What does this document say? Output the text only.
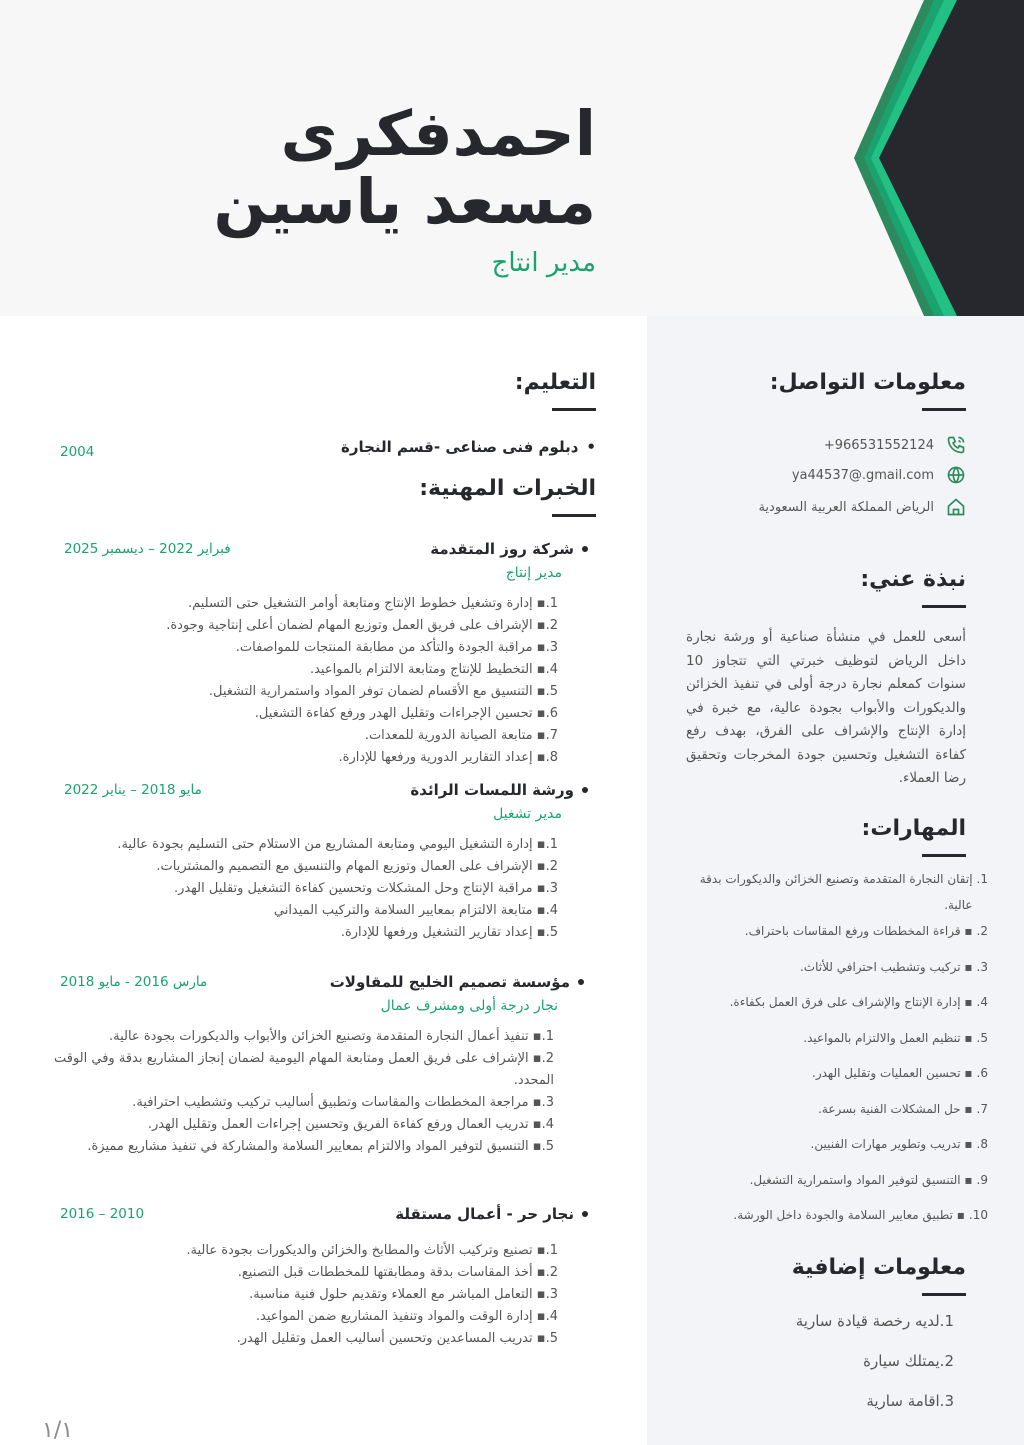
احمدفكرى
مسعد ياسين
مدير انتاج
معلومات التواصل:
+966531552124
ya44537@.gmail.com
الرياض المملكة العربية السعودية
نبذة عني:

أسعى للعمل في منشأة صناعية أو ورشة نجارة داخل الرياض لتوظيف خبرتي التي تتجاوز 10 سنوات كمعلم نجارة درجة أولى في تنفيذ الخزائن والديكورات والأبواب بجودة عالية، مع خبرة في إدارة الإنتاج والإشراف على الفرق، بهدف رفع كفاءة التشغيل وتحسين جودة المخرجات وتحقيق رضا العملاء.

المهارات:
1.
إتقان النجارة المتقدمة وتصنيع الخزائن والديكورات بدقة عالية.
2.
▪ قراءة المخططات ورفع المقاسات باحتراف.
3.
▪ تركيب وتشطيب احترافي للأثاث.
4.
▪ إدارة الإنتاج والإشراف على فرق العمل بكفاءة.
5.
▪ تنظيم العمل والالتزام بالمواعيد.
6.
▪ تحسين العمليات وتقليل الهدر.
7.
▪ حل المشكلات الفنية بسرعة.
8.
▪ تدريب وتطوير مهارات الفنيين.
9.
▪ التنسيق لتوفير المواد واستمرارية التشغيل.
10.
▪ تطبيق معايير السلامة والجودة داخل الورشة.
معلومات إضافية
1.لديه رخصة قيادة سارية
2.يمتلك سيارة
3.اقامة سارية
التعليم:
•دبلوم فنى صناعى -قسم النجارة
2004
الخبرات المهنية:
فبراير 2022 – ديسمبر 2025	شركة روز المتقدمة
مدير إنتاج
1.▪ إدارة وتشغيل خطوط الإنتاج ومتابعة أوامر التشغيل حتى التسليم.
2.▪ الإشراف على فريق العمل وتوزيع المهام لضمان أعلى إنتاجية وجودة.
3.▪ مراقبة الجودة والتأكد من مطابقة المنتجات للمواصفات.
4.▪ التخطيط للإنتاج ومتابعة الالتزام بالمواعيد.
5.▪ التنسيق مع الأقسام لضمان توفر المواد واستمرارية التشغيل.
6.▪ تحسين الإجراءات وتقليل الهدر ورفع كفاءة التشغيل.
7.▪ متابعة الصيانة الدورية للمعدات.
8.▪ إعداد التقارير الدورية ورفعها للإدارة.
مايو 2018 – يناير 2022	ورشة اللمسات الرائدة
مدير تشغيل
1.▪ إدارة التشغيل اليومي ومتابعة المشاريع من الاستلام حتى التسليم بجودة عالية.
2.▪ الإشراف على العمال وتوزيع المهام والتنسيق مع التصميم والمشتريات.
3.▪ مراقبة الإنتاج وحل المشكلات وتحسين كفاءة التشغيل وتقليل الهدر.
4.▪ متابعة الالتزام بمعايير السلامة والتركيب الميداني
5.▪ إعداد تقارير التشغيل ورفعها للإدارة.
مارس 2016 - مايو 2018	مؤسسة تصميم الخليج للمقاولات
نجار درجة أولى ومشرف عمال
1.▪ تنفيذ أعمال النجارة المتقدمة وتصنيع الخزائن والأبواب والديكورات بجودة عالية.
2.▪ الإشراف على فريق العمل ومتابعة المهام اليومية لضمان إنجاز المشاريع بدقة وفي الوقت المحدد.
3.▪ مراجعة المخططات والمقاسات وتطبيق أساليب تركيب وتشطيب احترافية.
4.▪ تدريب العمال ورفع كفاءة الفريق وتحسين إجراءات العمل وتقليل الهدر.
5.▪ التنسيق لتوفير المواد والالتزام بمعايير السلامة والمشاركة في تنفيذ مشاريع مميزة.
2010 – 2016	نجار حر - أعمال مستقلة
1.▪ تصنيع وتركيب الأثاث والمطابخ والخزائن والديكورات بجودة عالية.
2.▪ أخذ المقاسات بدقة ومطابقتها للمخططات قبل التصنيع.
3.▪ التعامل المباشر مع العملاء وتقديم حلول فنية مناسبة.
4.▪ إدارة الوقت والمواد وتنفيذ المشاريع ضمن المواعيد.
5.▪ تدريب المساعدين وتحسين أساليب العمل وتقليل الهدر.
١/١
